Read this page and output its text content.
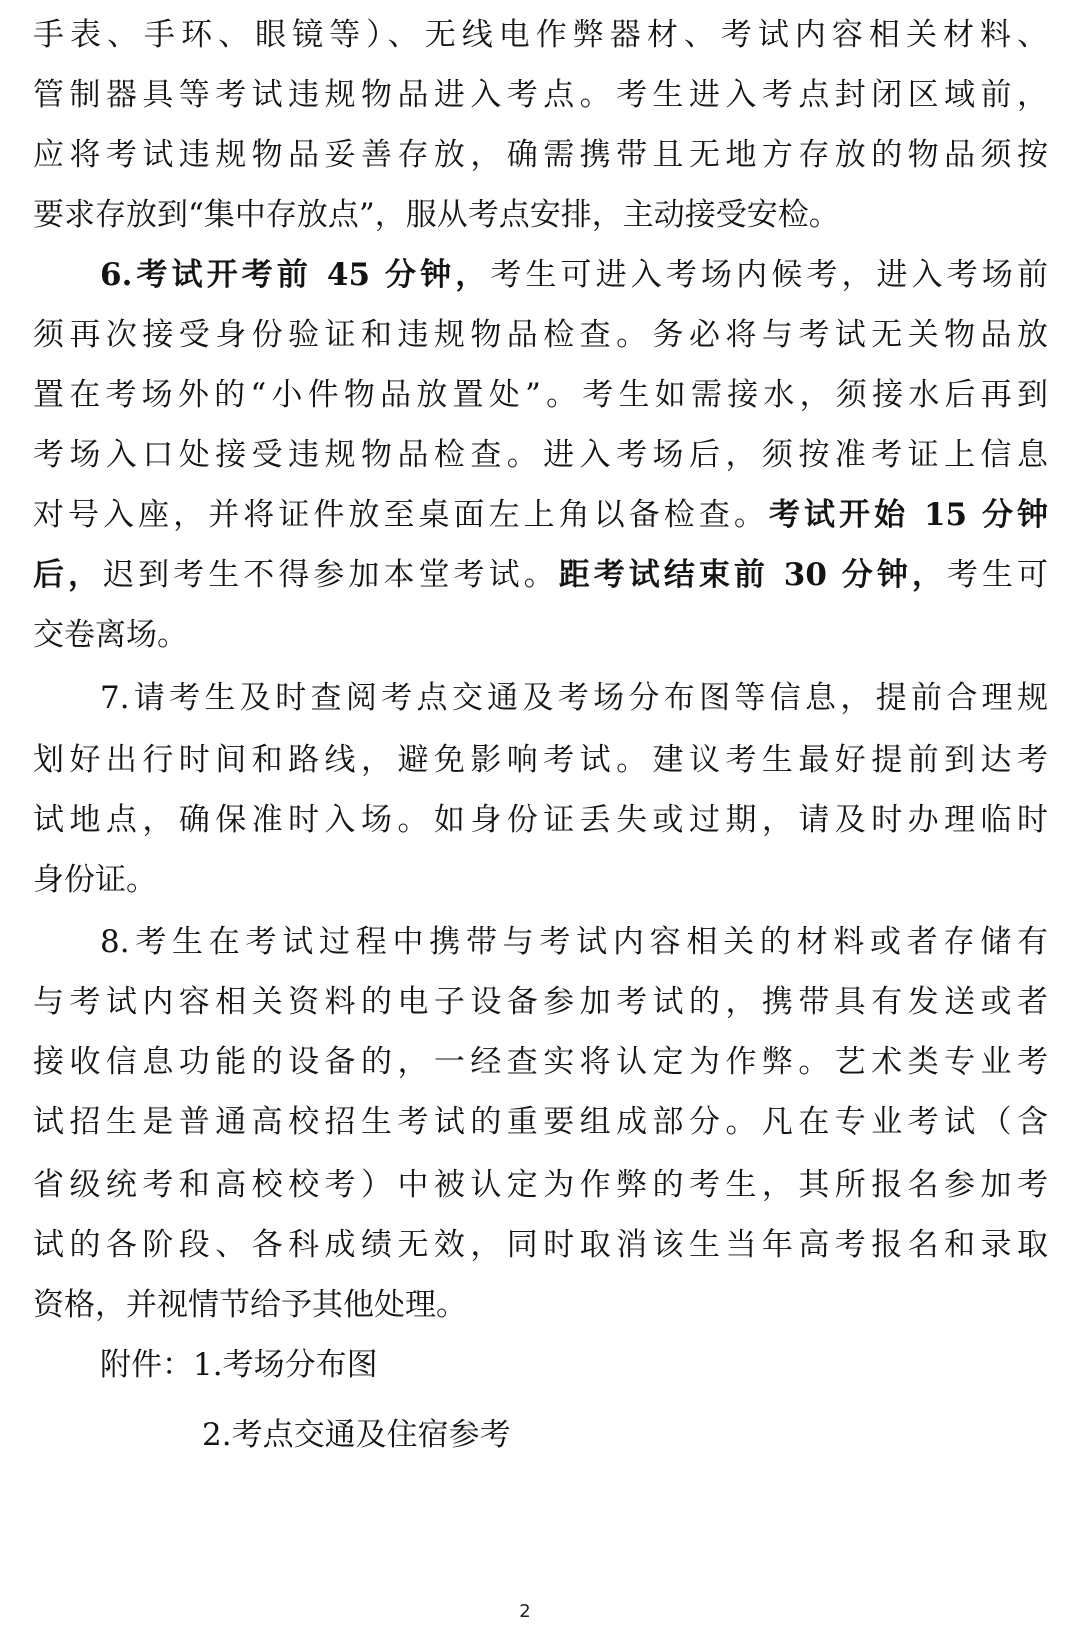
手表、手环、眼镜等）、无线电作弊器材、考试内容相关材料、
管制器具等考试违规物品进入考点。考生进入考点封闭区域前，
应将考试违规物品妥善存放，确需携带且无地方存放的物品须按
要求存放到“集中存放点”，服从考点安排，主动接受安检。
6.考试开考前 45 分钟，考生可进入考场内候考，进入考场前
须再次接受身份验证和违规物品检查。务必将与考试无关物品放
置在考场外的“小件物品放置处”。考生如需接水，须接水后再到
考场入口处接受违规物品检查。进入考场后，须按准考证上信息
对号入座，并将证件放至桌面左上角以备检查。考试开始 15 分钟
后，迟到考生不得参加本堂考试。距考试结束前 30 分钟，考生可
交卷离场。
7.请考生及时查阅考点交通及考场分布图等信息，提前合理规
划好出行时间和路线，避免影响考试。建议考生最好提前到达考
试地点，确保准时入场。如身份证丢失或过期，请及时办理临时
身份证。
8.考生在考试过程中携带与考试内容相关的材料或者存储有
与考试内容相关资料的电子设备参加考试的，携带具有发送或者
接收信息功能的设备的，一经查实将认定为作弊。艺术类专业考
试招生是普通高校招生考试的重要组成部分。凡在专业考试（含
省级统考和高校校考）中被认定为作弊的考生，其所报名参加考
试的各阶段、各科成绩无效，同时取消该生当年高考报名和录取
资格，并视情节给予其他处理。
附件：1.考场分布图
2.考点交通及住宿参考
2
